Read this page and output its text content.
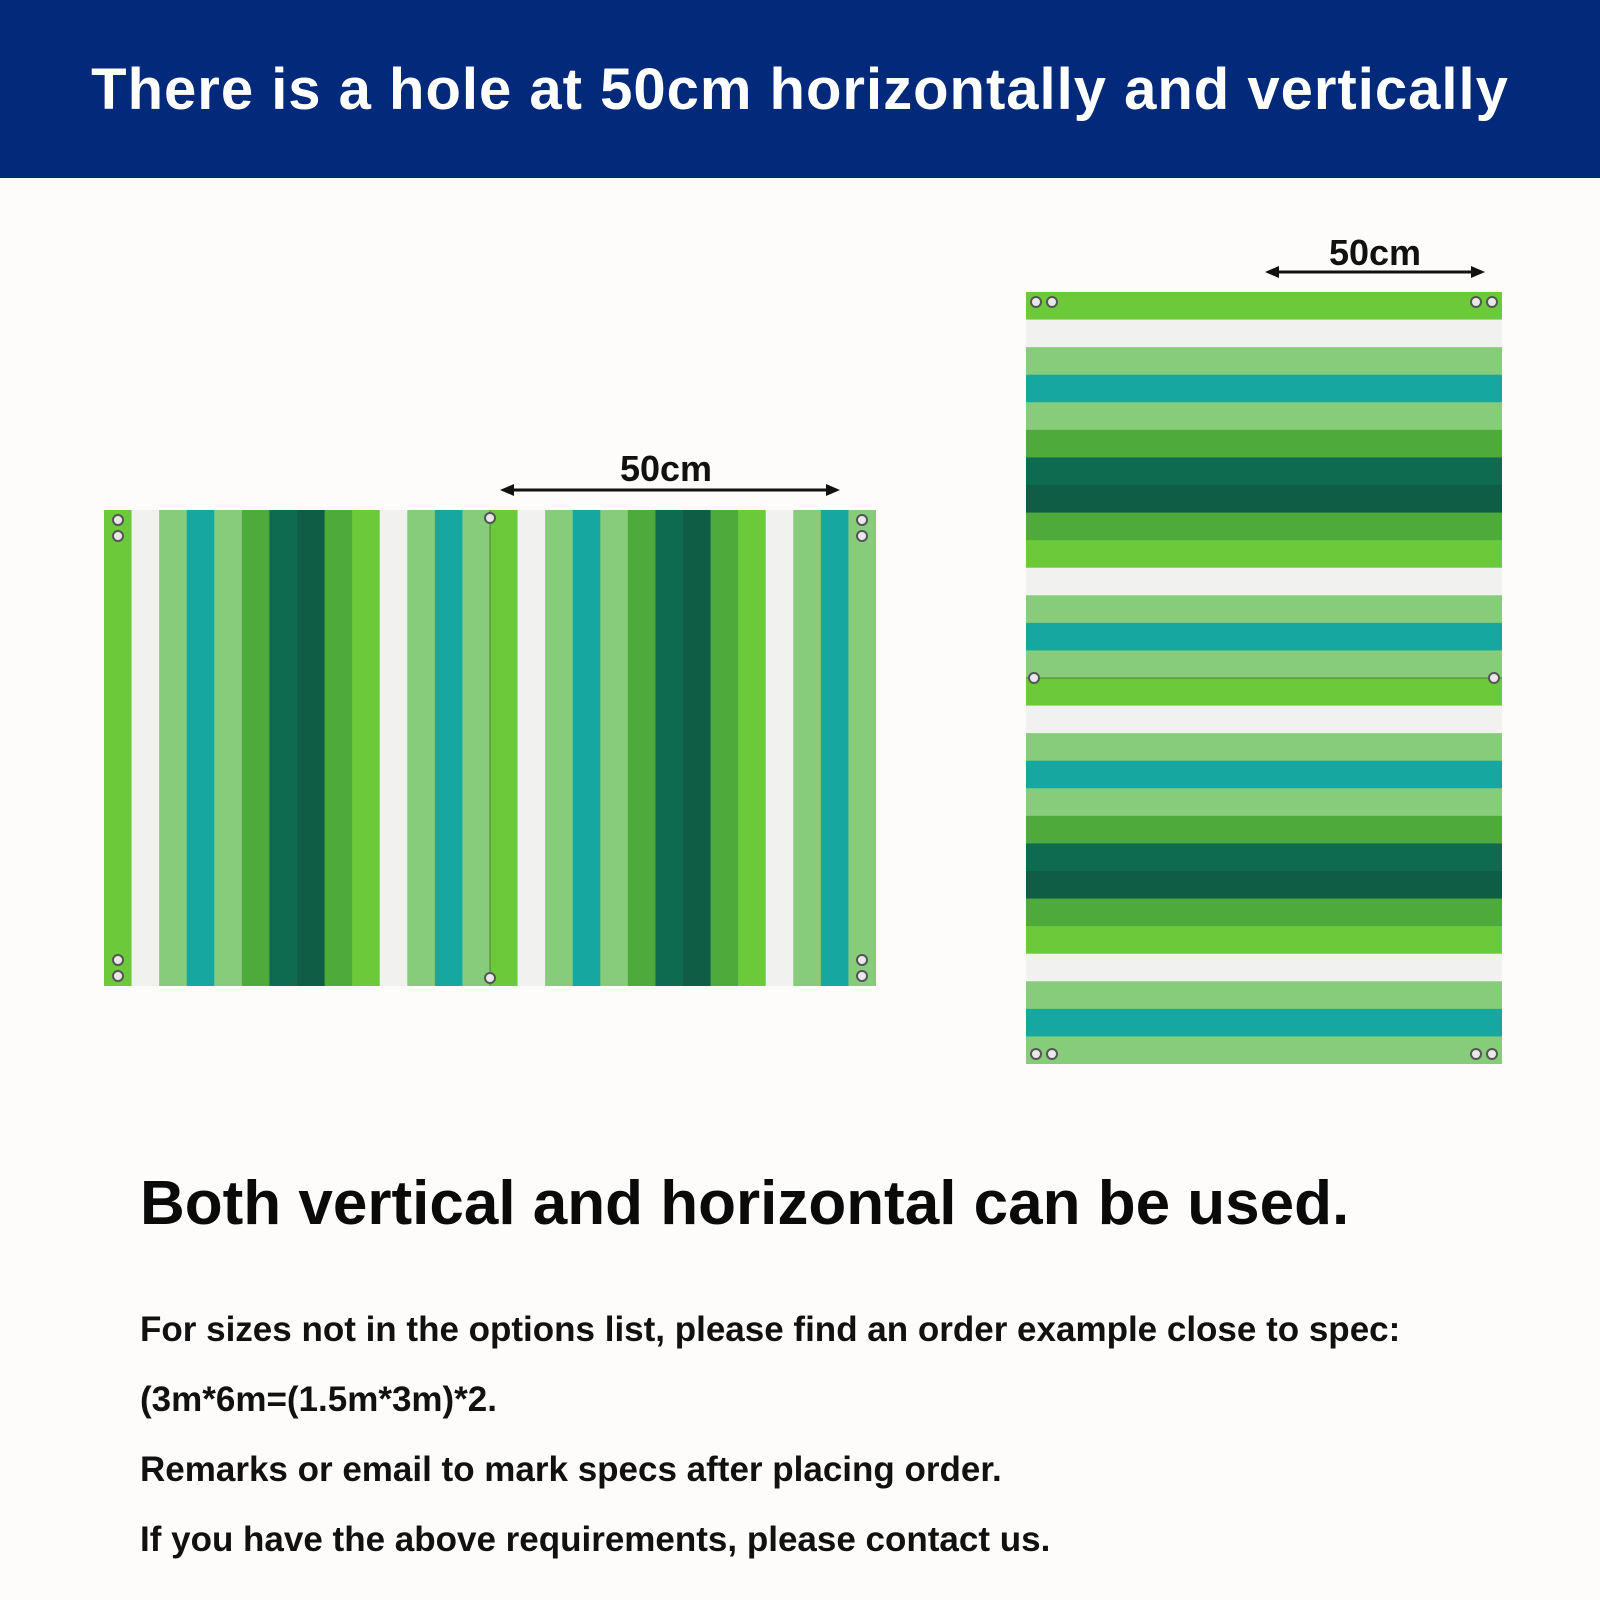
There is a hole at 50cm horizontally and vertically
50cm
50cm
Both vertical and horizontal can be used.
For sizes not in the options list, please find an order example close to spec:
(3m*6m=(1.5m*3m)*2.
Remarks or email to mark specs after placing order.
If you have the above requirements, please contact us.
